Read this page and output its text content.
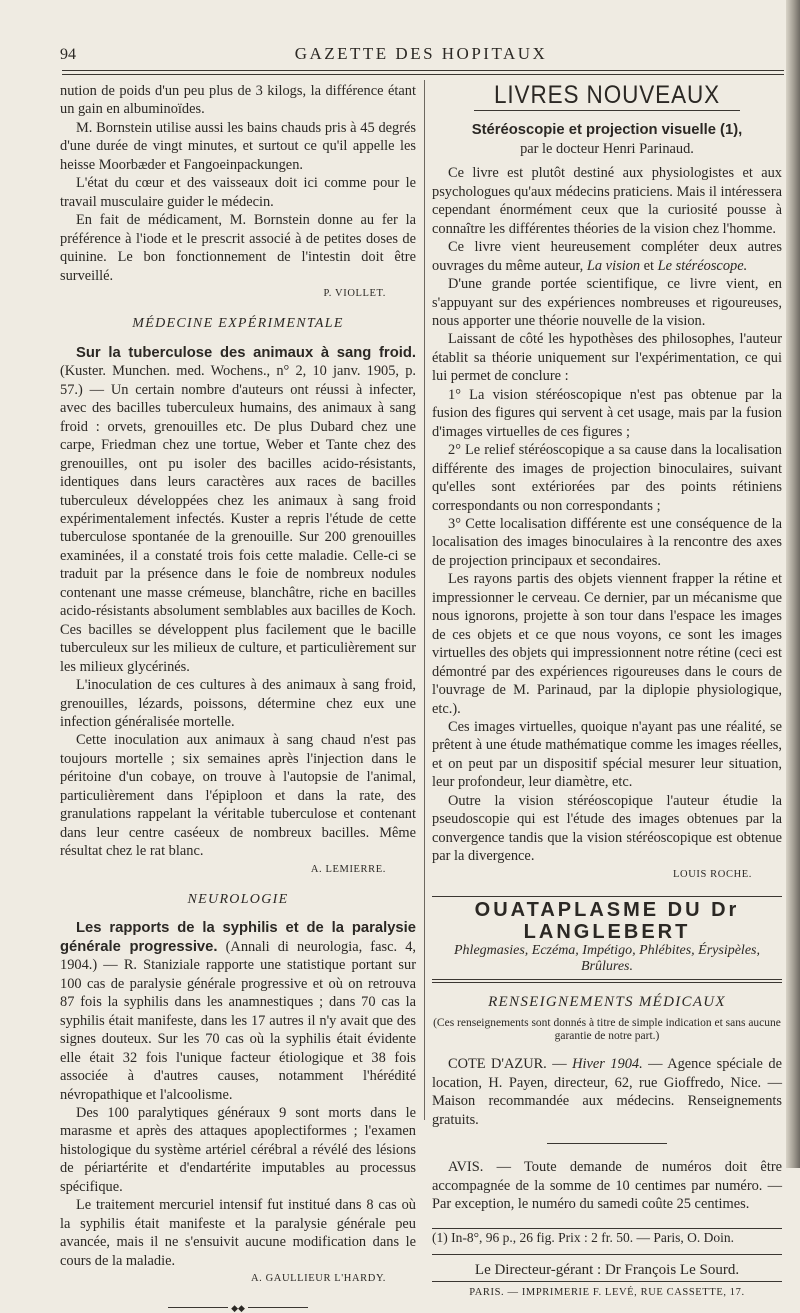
94	GAZETTE DES HOPITAUX

nution de poids d'un peu plus de 3 kilogs, la différence étant un gain en albuminoïdes.

M. Bornstein utilise aussi les bains chauds pris à 45 degrés d'une durée de vingt minutes, et surtout ce qu'il appelle les heisse Moorbæder et Fangoeinpackungen.

L'état du cœur et des vaisseaux doit ici comme pour le travail musculaire guider le médecin.

En fait de médicament, M. Bornstein donne au fer la préférence à l'iode et le prescrit associé à de petites doses de quinine. Le bon fonctionnement de l'intestin doit être surveillé.

P. VIOLLET.

MÉDECINE EXPÉRIMENTALE

Sur la tuberculose des animaux à sang froid. (Kuster. Munchen. med. Wochens., n° 2, 10 janv. 1905, p. 57.) — Un certain nombre d'auteurs ont réussi à infecter, avec des bacilles tuberculeux humains, des animaux à sang froid : orvets, grenouilles etc. De plus Dubard chez une carpe, Friedman chez une tortue, Weber et Tante chez des grenouilles, ont pu isoler des bacilles acido-résistants, identiques dans leurs caractères aux races de bacilles tuberculeux développées chez les animaux à sang froid expérimentalement infectés. Kuster a repris l'étude de cette tuberculose spontanée de la grenouille. Sur 200 grenouilles examinées, il a constaté trois fois cette maladie. Celle-ci se traduit par la présence dans le foie de nombreux nodules contenant une masse crémeuse, blanchâtre, riche en bacilles acido-résistants absolument semblables aux bacilles de Koch. Ces bacilles se développent plus facilement que le bacille tuberculeux sur les milieux de culture, et particulièrement sur les milieux glycérinés.

L'inoculation de ces cultures à des animaux à sang froid, grenouilles, lézards, poissons, détermine chez eux une infection généralisée mortelle.

Cette inoculation aux animaux à sang chaud n'est pas toujours mortelle ; six semaines après l'injection dans le péritoine d'un cobaye, on trouve à l'autopsie de l'animal, particulièrement dans l'épiploon et dans la rate, des granulations rappelant la véritable tuberculose et contenant dans leur centre caséeux de nombreux bacilles. Même résultat chez le rat blanc.

A. LEMIERRE.

NEUROLOGIE

Les rapports de la syphilis et de la paralysie générale progressive. (Annali di neurologia, fasc. 4, 1904.) — R. Staniziale rapporte une statistique portant sur 100 cas de paralysie générale progressive et où on retrouva 87 fois la syphilis dans les anamnestiques ; dans 70 cas la syphilis était manifeste, dans les 17 autres il n'y avait que des signes douteux. Sur les 70 cas où la syphilis était évidente elle était 32 fois l'unique facteur étiologique et 38 fois associée à d'autres causes, notamment l'hérédité névropathique et l'alcoolisme.

Des 100 paralytiques généraux 9 sont morts dans le marasme et après des attaques apoplectiformes ; l'examen histologique du système artériel cérébral a révélé des lésions de périartérite et d'endartérite imputables au processus spécifique.

Le traitement mercuriel intensif fut institué dans 8 cas où la syphilis était manifeste et la paralysie générale peu avancée, mais il ne s'ensuivit aucune modification dans le cours de la maladie.

A. GAULLIEUR L'HARDY.

◆◆
LIVRES NOUVEAUX
Stéréoscopie et projection visuelle (1),
par le docteur Henri Parinaud.

Ce livre est plutôt destiné aux physiologistes et aux psychologues qu'aux médecins praticiens. Mais il intéressera cependant énormément ceux que la curiosité pousse à connaître les différentes théories de la vision chez l'homme.

Ce livre vient heureusement compléter deux autres ouvrages du même auteur, La vision et Le stéréoscope.

D'une grande portée scientifique, ce livre vient, en s'appuyant sur des expériences nombreuses et rigoureuses, nous apporter une théorie nouvelle de la vision.

Laissant de côté les hypothèses des philosophes, l'auteur établit sa théorie uniquement sur l'expérimentation, ce qui lui permet de conclure :

1° La vision stéréoscopique n'est pas obtenue par la fusion des figures qui servent à cet usage, mais par la fusion d'images virtuelles de ces figures ;

2° Le relief stéréoscopique a sa cause dans la localisation différente des images de projection binoculaires, suivant qu'elles sont extériorées par des points rétiniens correspondants ou non correspondants ;

3° Cette localisation différente est une conséquence de la localisation des images binoculaires à la rencontre des axes de projection principaux et secondaires.

Les rayons partis des objets viennent frapper la rétine et impressionner le cerveau. Ce dernier, par un mécanisme que nous ignorons, projette à son tour dans l'espace les images de ces objets et ce que nous voyons, ce sont les images virtuelles des objets qui impressionnent notre rétine (ceci est démontré par des expériences rigoureuses dans le cours de l'ouvrage de M. Parinaud, par la diplopie physiologique, etc.).

Ces images virtuelles, quoique n'ayant pas une réalité, se prêtent à une étude mathématique comme les images réelles, et on peut par un dispositif spécial mesurer leur situation, leur profondeur, leur diamètre, etc.

Outre la vision stéréoscopique l'auteur étudie la pseudoscopie qui est l'étude des images obtenues par la convergence tandis que la vision stéréoscopique est obtenue par la divergence.

LOUIS ROCHE.

OUATAPLASME DU Dr LANGLEBERT
Phlegmasies, Eczéma, Impétigo, Phlébites, Érysipèles, Brûlures.
RENSEIGNEMENTS MÉDICAUX
(Ces renseignements sont donnés à titre de simple indication et sans aucune garantie de notre part.)

COTE D'AZUR. — Hiver 1904. — Agence spéciale de location, H. Payen, directeur, 62, rue Gioffredo, Nice. — Maison recommandée aux médecins. Renseignements gratuits.

AVIS. — Toute demande de numéros doit être accompagnée de la somme de 10 centimes par numéro. — Par exception, le numéro du samedi coûte 25 centimes.

(1) In-8°, 96 p., 26 fig. Prix : 2 fr. 50. — Paris, O. Doin.

Le Directeur-gérant : Dr François Le Sourd.
PARIS. — IMPRIMERIE F. LEVÉ, RUE CASSETTE, 17.
